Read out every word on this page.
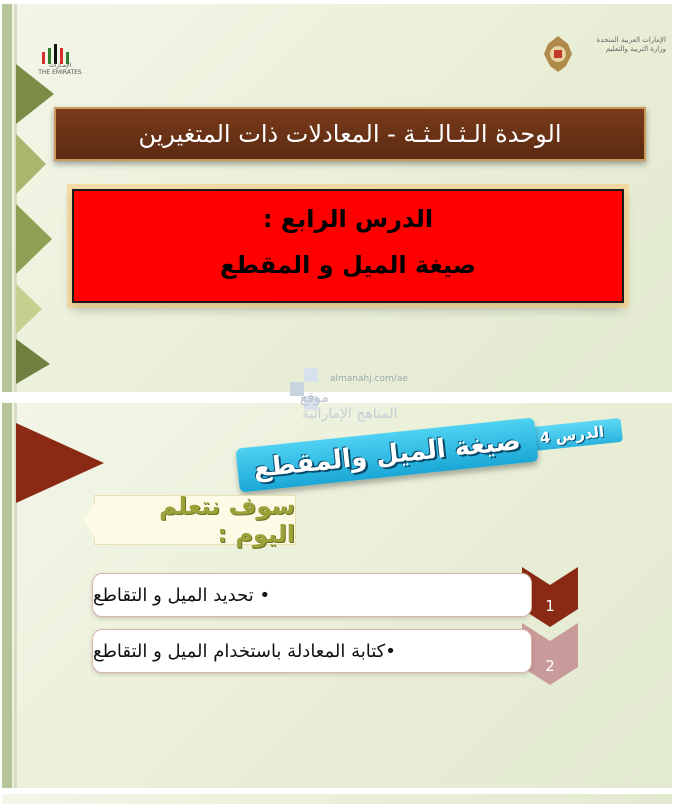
الإمـارات
THE EMIRATES
الإمارات العربية المتحدة
وزارة التربية والتعليم
الوحدة الـثـالـثـة - المعادلات ذات المتغيرين
الدرس الرابع :
صيغة الميل و المقطع
الدرس 4
صيغة الميل والمقطع
سوف نتعلم اليوم :
1
• تحديد الميل و التقاطع
2
•كتابة المعادلة باستخدام الميل و التقاطع
almanahj.com/ae
موقع
المناهج الإماراتية
